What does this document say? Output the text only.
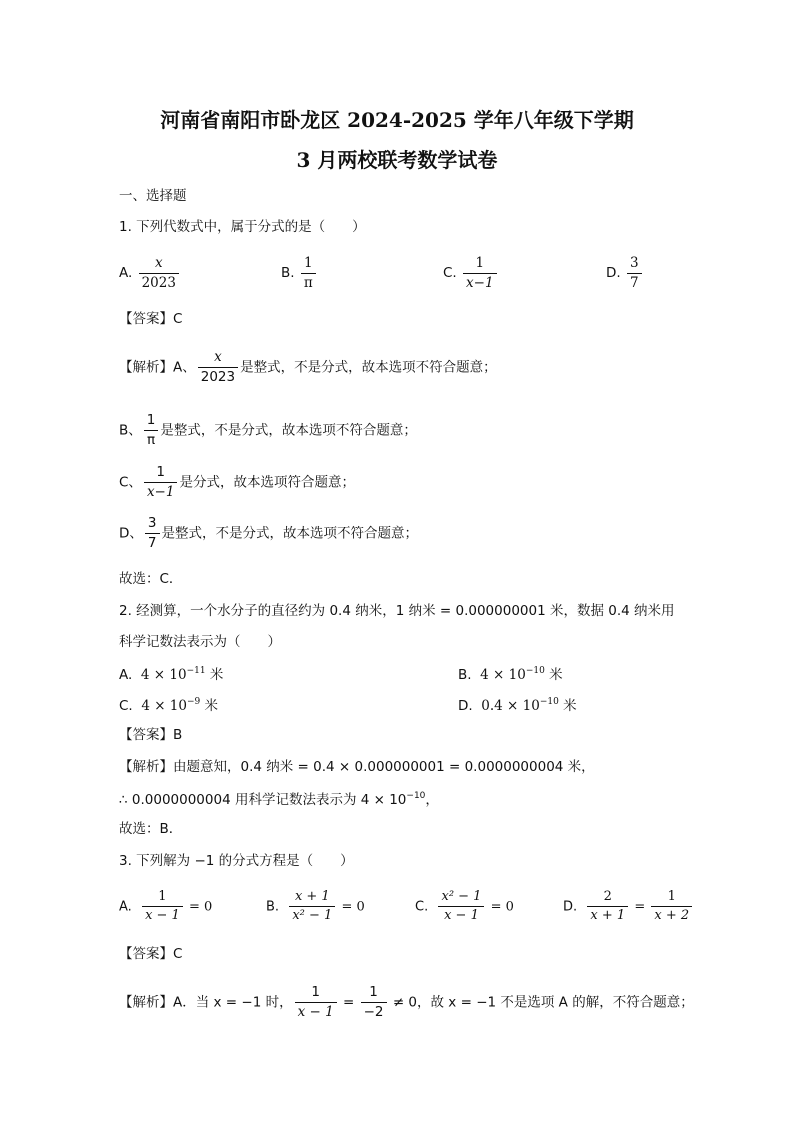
河南省南阳市卧龙区 2024-2025 学年八年级下学期
3 月两校联考数学试卷
一、选择题
1. 下列代数式中，属于分式的是（　　）
A. $\frac{x}{2023}$	B. $\frac{1}{\pi}$	C. $\frac{1}{x-1}$	D. $\frac{3}{7}$
【答案】C
【解析】A、 $\frac{x}{2023}$ 是整式，不是分式，故本选项不符合题意；
B、 $\frac{1}{\pi}$ 是整式，不是分式，故本选项不符合题意；
C、 $\frac{1}{x-1}$ 是分式，故本选项符合题意；
D、 $\frac{3}{7}$ 是整式，不是分式，故本选项不符合题意；
故选：C．
2. 经测算，一个水分子的直径约为 0.4 纳米，1 纳米 = 0.000000001 米，数据 0.4 纳米用
科学记数法表示为（　　）
A. $4 \times 10^{-11}$ 米	B. $4 \times 10^{-10}$ 米
C. $4 \times 10^{-9}$ 米	D. $0.4 \times 10^{-10}$ 米
【答案】B
【解析】由题意知，0.4 纳米 = 0.4 × 0.000000001 = 0.0000000004 米，
∴ 0.0000000004 用科学记数法表示为 $4 \times 10^{-10}$，
故选：B．
3. 下列解为 −1 的分式方程是（　　）
A. $\frac{1}{x - 1} = 0$	B. $\frac{x + 1}{\text{x² − 1}} = 0$	C. $\frac{\text{x² − 1}}{x - 1} = 0$	D. $\frac{2}{x + 1} = \frac{1}{x + 2}$
【答案】C
【解析】A．当 x = −1 时， $\frac{1}{x - 1} = \frac{1}{-2} \ne 0$，故 x = −1 不是选项 A 的解，不符合题意；
